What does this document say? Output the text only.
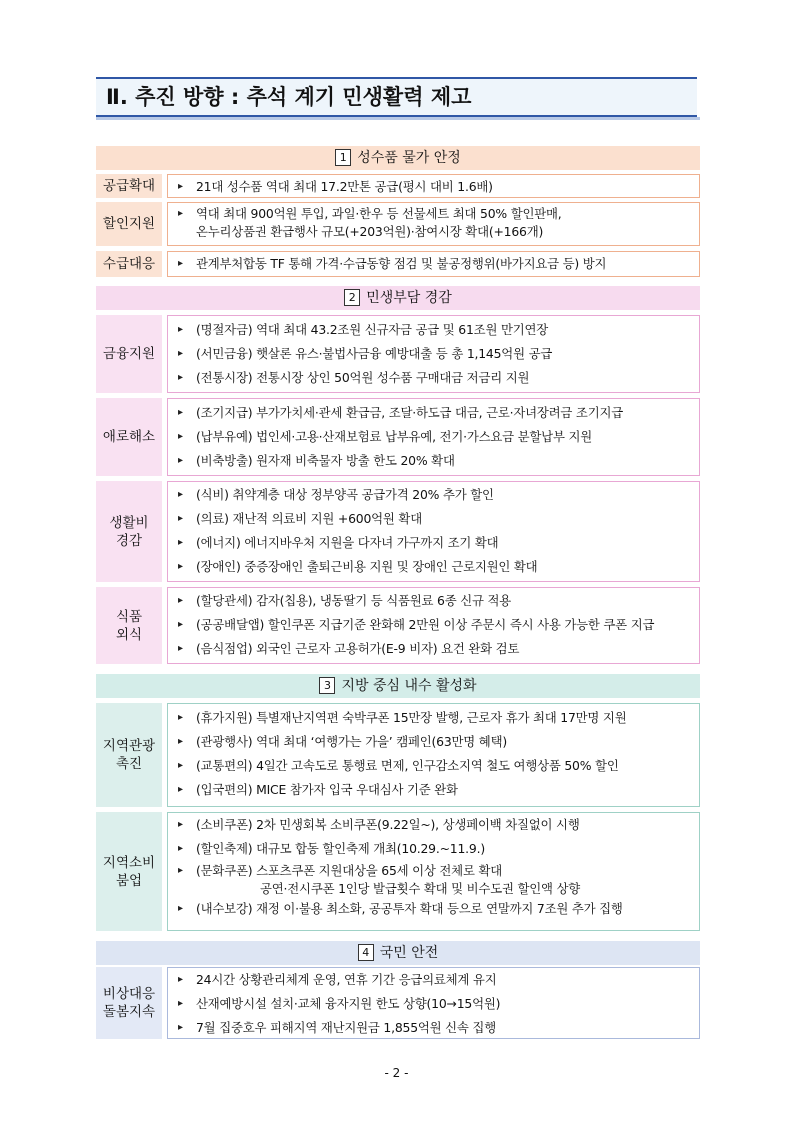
Ⅱ. 추진 방향 : 추석 계기 민생활력 제고
1 성수품 물가 안정
공급확대	▸ 21대 성수품 역대 최대 17.2만톤 공급(평시 대비 1.6배)
할인지원
▸ 역대 최대 900억원 투입, 과일·한우 등 선물세트 최대 50% 할인판매,
온누리상품권 환급행사 규모(+203억원)·참여시장 확대(+166개)
수급대응	▸ 관계부처합동 TF 통해 가격·수급동향 점검 및 불공정행위(바가지요금 등) 방지
2 민생부담 경감
금융지원
▸ (명절자금) 역대 최대 43.2조원 신규자금 공급 및 61조원 만기연장
▸ (서민금융) 햇살론 유스·불법사금융 예방대출 등 총 1,145억원 공급
▸ (전통시장) 전통시장 상인 50억원 성수품 구매대금 저금리 지원
애로해소
▸ (조기지급) 부가가치세·관세 환급금, 조달·하도급 대금, 근로·자녀장려금 조기지급
▸ (납부유예) 법인세·고용·산재보험료 납부유예, 전기·가스요금 분할납부 지원
▸ (비축방출) 원자재 비축물자 방출 한도 20% 확대
생활비
경감
▸ (식비) 취약계층 대상 정부양곡 공급가격 20% 추가 할인
▸ (의료) 재난적 의료비 지원 +600억원 확대
▸ (에너지) 에너지바우처 지원을 다자녀 가구까지 조기 확대
▸ (장애인) 중증장애인 출퇴근비용 지원 및 장애인 근로지원인 확대
식품
외식
▸ (할당관세) 감자(칩용), 냉동딸기 등 식품원료 6종 신규 적용
▸ (공공배달앱) 할인쿠폰 지급기준 완화해 2만원 이상 주문시 즉시 사용 가능한 쿠폰 지급
▸ (음식점업) 외국인 근로자 고용허가(E-9 비자) 요건 완화 검토
3 지방 중심 내수 활성화
지역관광
촉진
▸ (휴가지원) 특별재난지역편 숙박쿠폰 15만장 발행, 근로자 휴가 최대 17만명 지원
▸ (관광행사) 역대 최대 ‘여행가는 가을’ 캠페인(63만명 혜택)
▸ (교통편의) 4일간 고속도로 통행료 면제, 인구감소지역 철도 여행상품 50% 할인
▸ (입국편의) MICE 참가자 입국 우대심사 기준 완화
지역소비
붐업
▸ (소비쿠폰) 2차 민생회복 소비쿠폰(9.22일~), 상생페이백 차질없이 시행
▸ (할인축제) 대규모 합동 할인축제 개최(10.29.~11.9.)
▸ (문화쿠폰) 스포츠쿠폰 지원대상을 65세 이상 전체로 확대
공연·전시쿠폰 1인당 발급횟수 확대 및 비수도권 할인액 상향
▸ (내수보강) 재정 이·불용 최소화, 공공투자 확대 등으로 연말까지 7조원 추가 집행
4 국민 안전
비상대응
돌봄지속
▸ 24시간 상황관리체계 운영, 연휴 기간 응급의료체계 유지
▸ 산재예방시설 설치·교체 융자지원 한도 상향(10→15억원)
▸ 7월 집중호우 피해지역 재난지원금 1,855억원 신속 집행
- 2 -
